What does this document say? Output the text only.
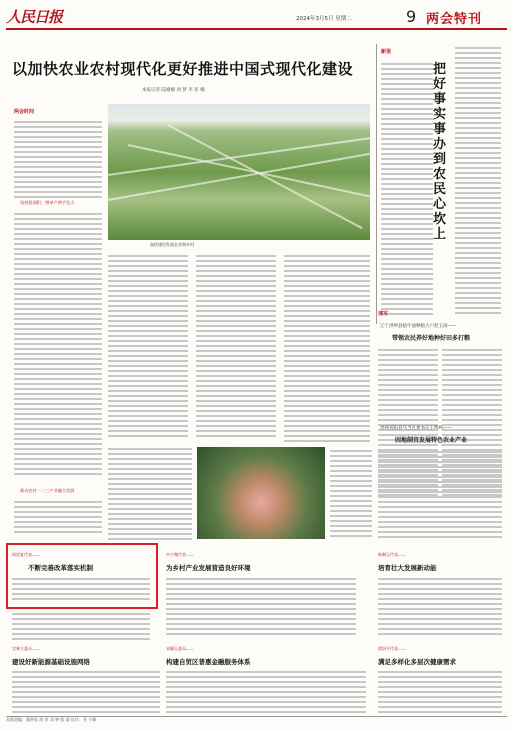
人民日报	2024年3月5日 星期二	9 两会特刊
以加快农业农村现代化更好推进中国式现代化建设
本报记者 陆娅楠 刘 梦 李 亚 楠
两会时间
坚持稳面积、增单产两手发力
推动农村一二三产业融合发展
加快建设发展农业和乡村
新语
把好事实事办到农民心坎上
速写
辽宁洪岭县稳牛油种植大户赵玉国——
带领农民养好地种好田多打粮
贵州省阳县乌当区委书记王鸣鸣——
因地制宜发展特色农业产业
网淳复代表——
不断完善改革落实机制
中小微代表——
为乡村产业发展营造良好环境
陈琳玉代表——
培育壮大发展新动能
完参立委员——
建设好新能源基础设施网络
宋珊玉委员——
构建自贸区普惠金融服务体系
徐洛平代表——
满足多样化多层次健康需求
本版责编：董黄蓉 周 彦 邓 钟 版 面 设计：亚 干峰
